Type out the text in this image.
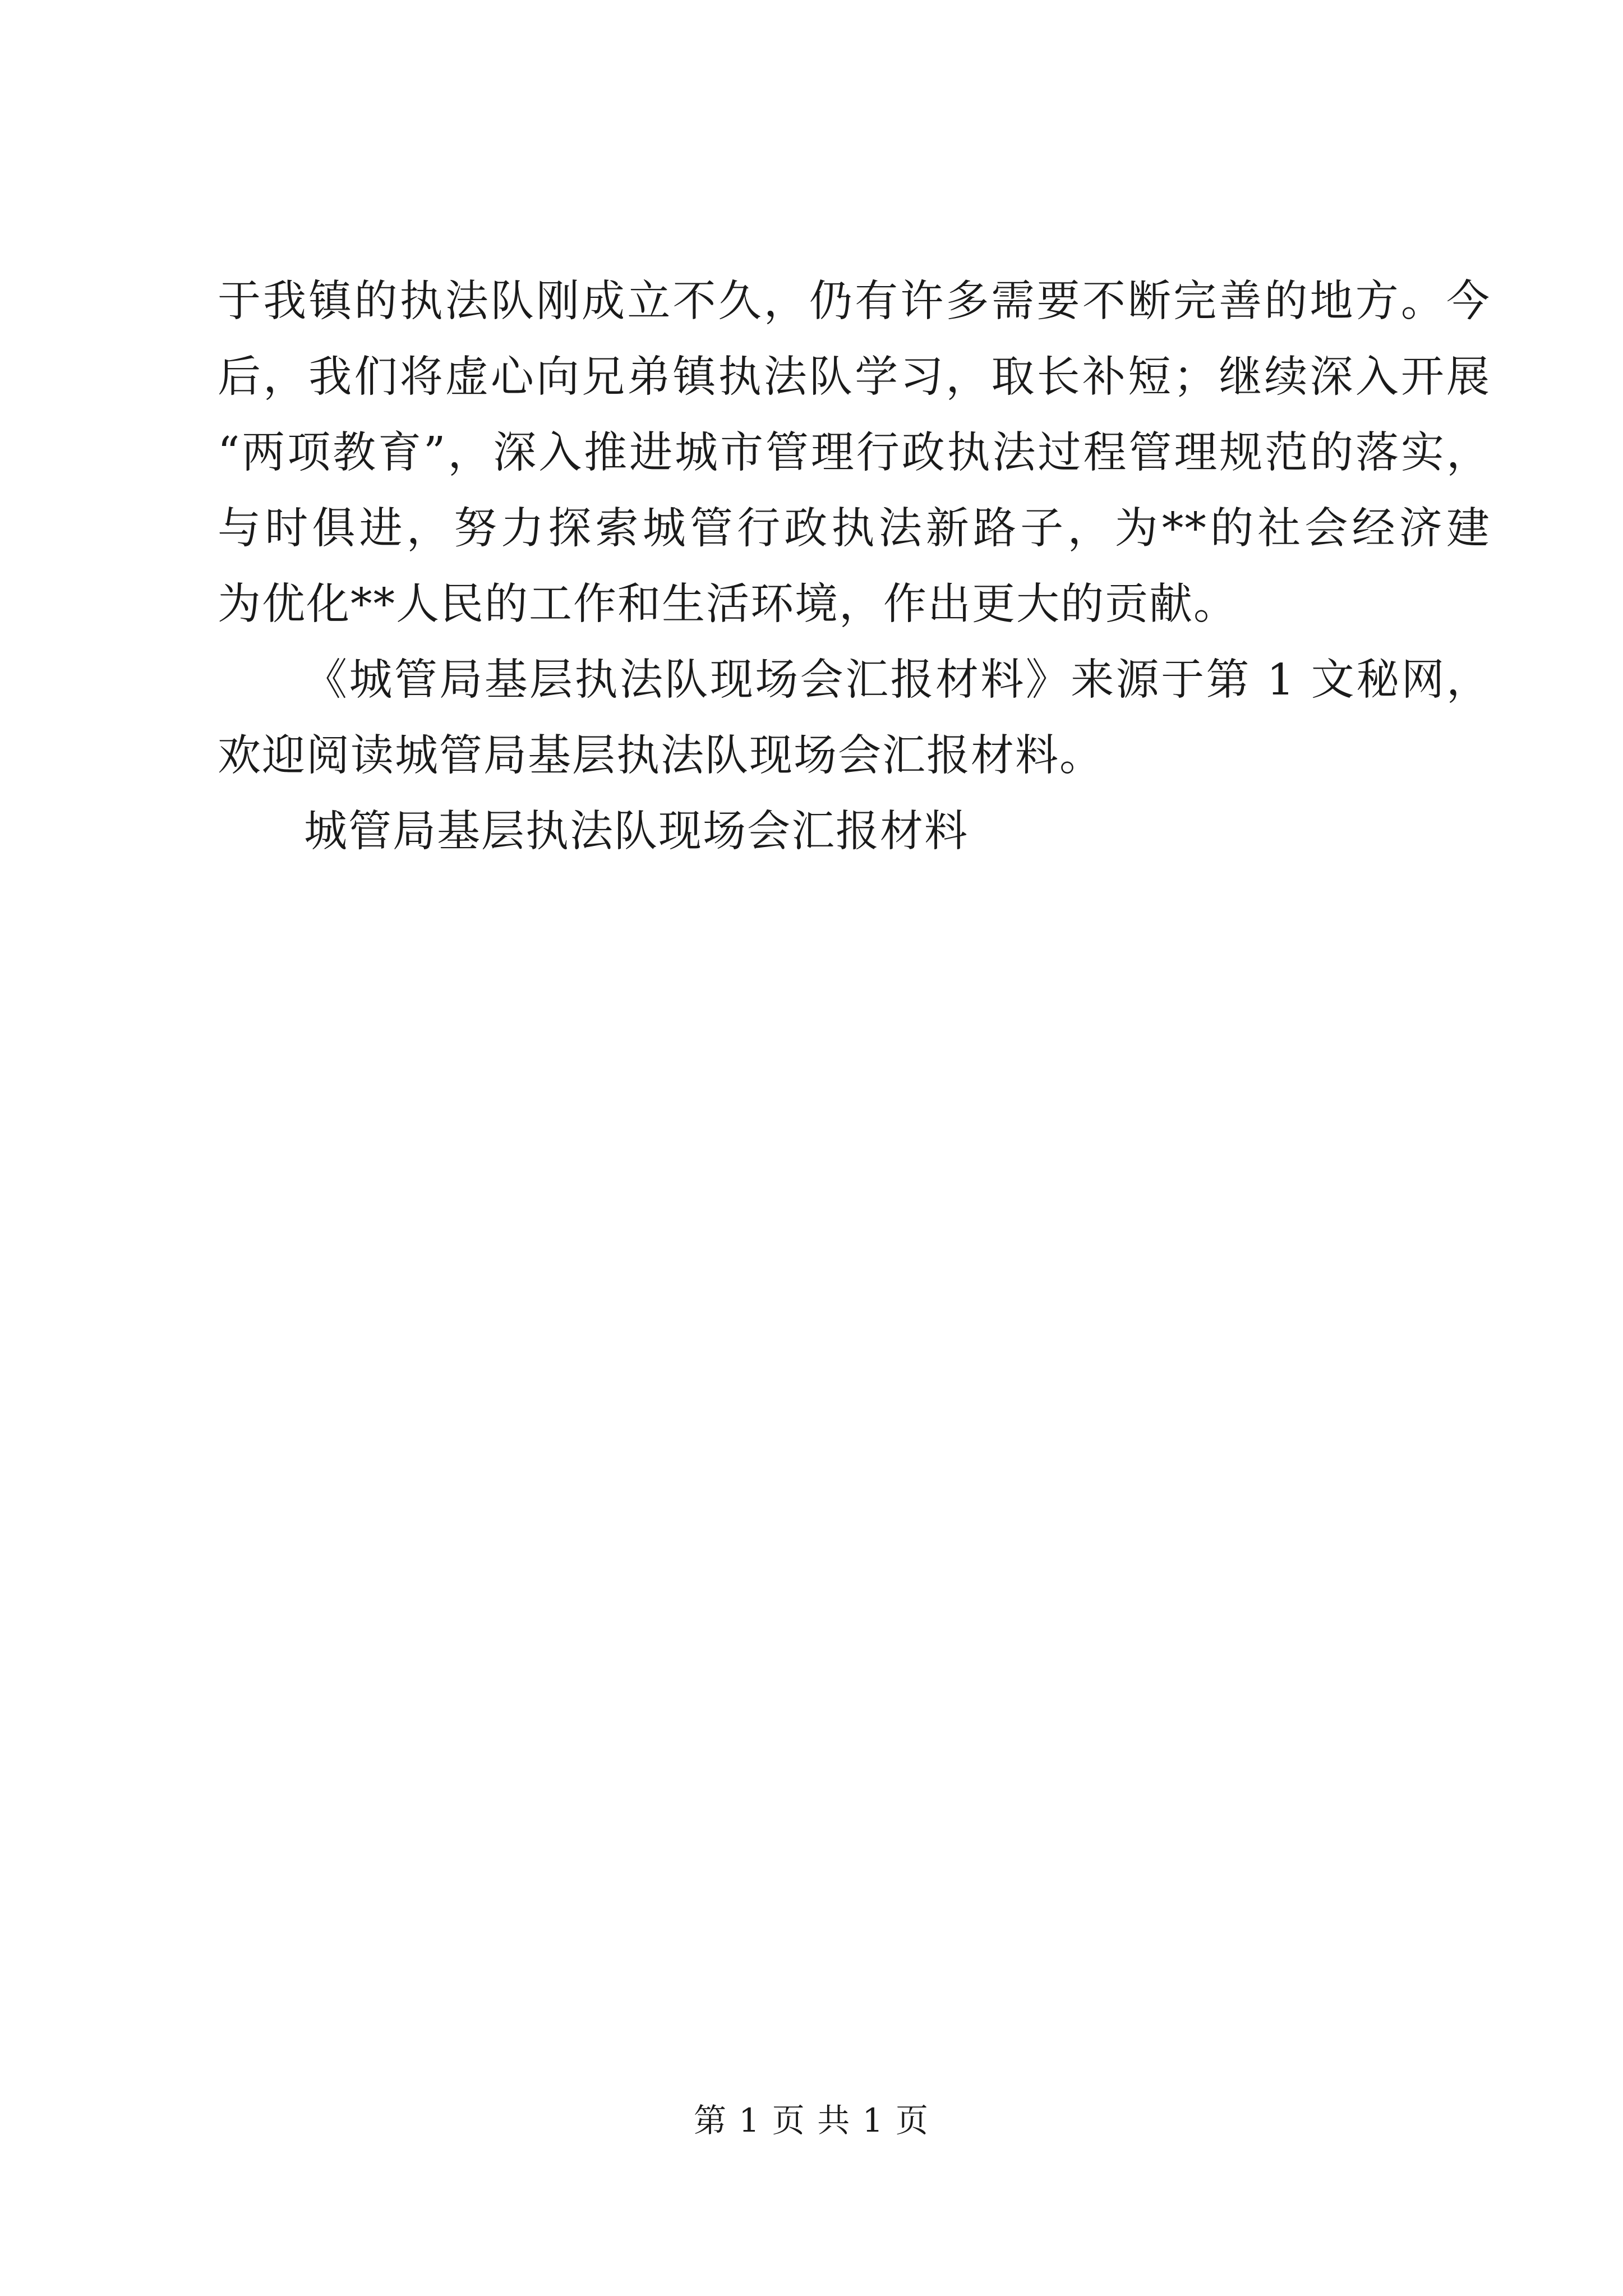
于我镇的执法队刚成立不久，仍有许多需要不断完善的地方。今
后，我们将虚心向兄弟镇执法队学习，取长补短；继续深入开展
“两项教育”，深入推进城市管理行政执法过程管理规范的落实，
与时俱进，努力探索城管行政执法新路子，为**的社会经济建
为优化**人民的工作和生活环境，作出更大的贡献。
《城管局基层执法队现场会汇报材料》来源于第 1 文秘网，
欢迎阅读城管局基层执法队现场会汇报材料。
城管局基层执法队现场会汇报材料
第 1 页 共 1 页
